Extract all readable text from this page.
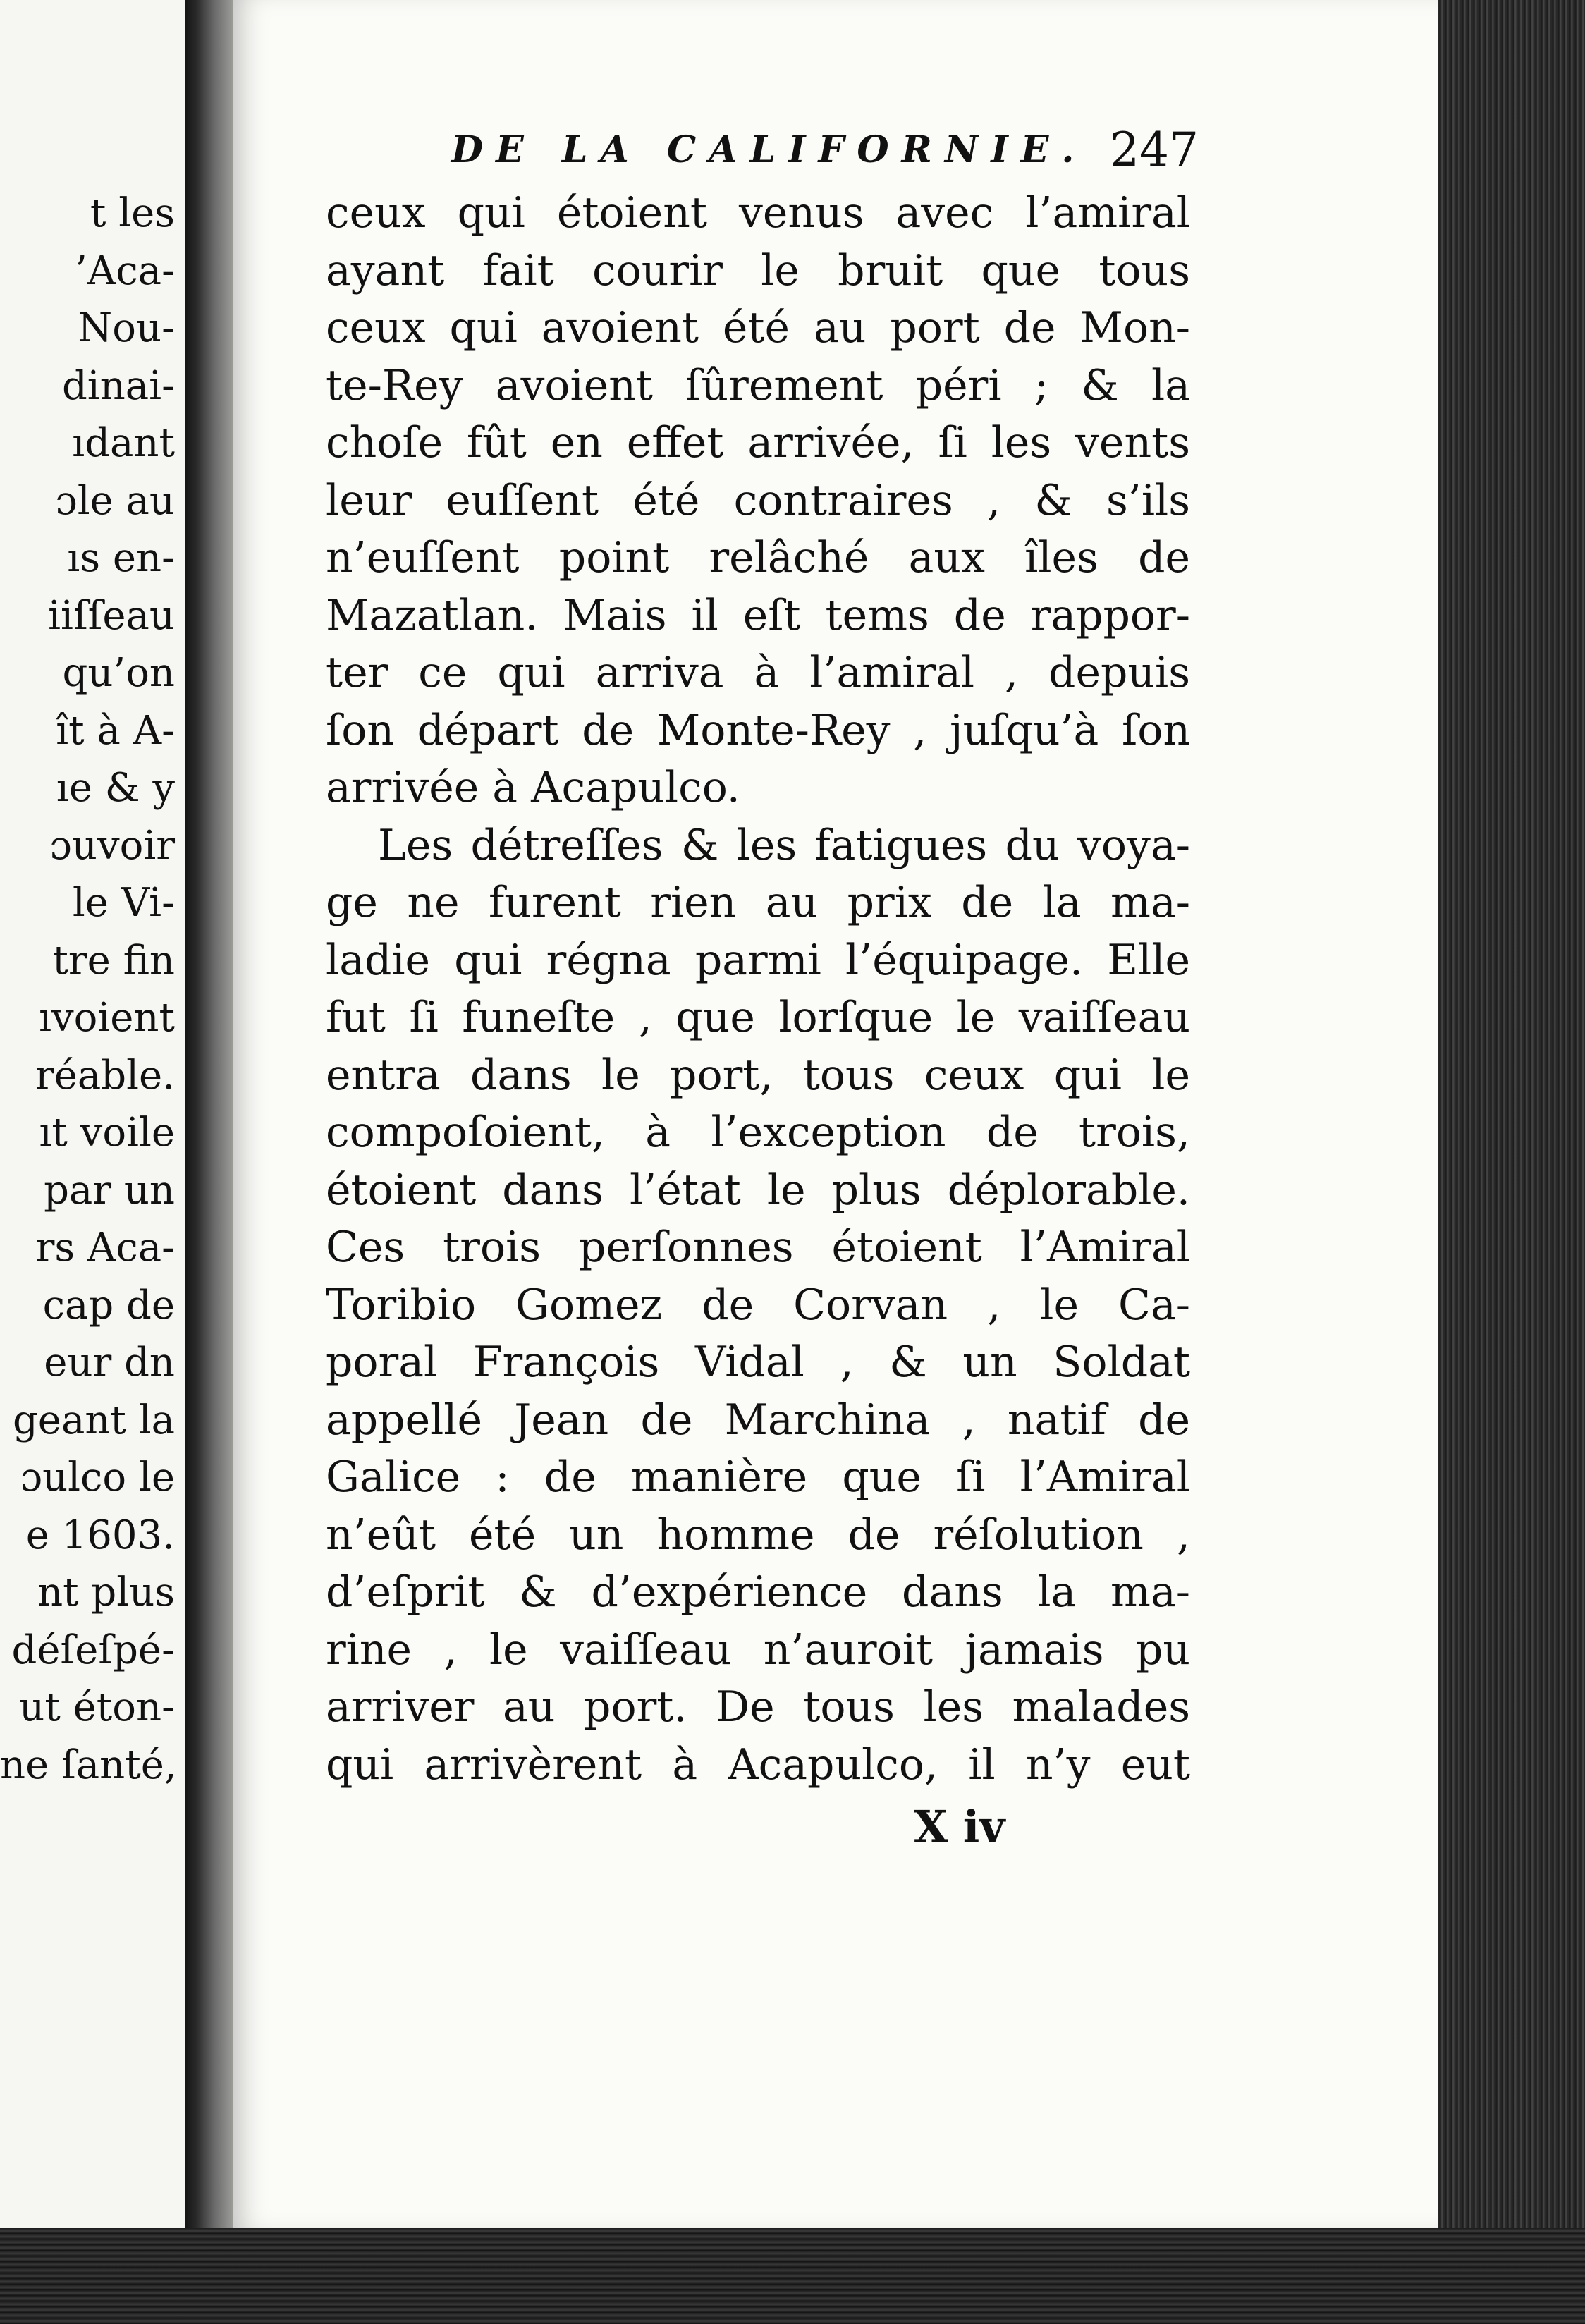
t les
’Aca-
Nou-
dinai-
ıdant
ɔle au
ıs en-
iiſſeau
qu’on
ît à A-
ıe & y
ɔuvoir
le Vi-
tre fin
ıvoient
réable.
ıt voile
par un
rs Aca-
cap de
eur dn
geant la
ɔulco le
e 1603.
nt plus
déſeſpé-
ut éton-
ne ſanté,
DE LA CALIFORNIE. 247
ceux qui étoient venus avec l’amiral
ayant fait courir le bruit que tous
ceux qui avoient été au port de Mon-
te-Rey avoient ſûrement péri ; & la
choſe fût en effet arrivée, ſi les vents
leur euſſent été contraires , & s’ils
n’euſſent point relâché aux îles de
Mazatlan. Mais il eſt tems de rappor-
ter ce qui arriva à l’amiral , depuis
ſon départ de Monte-Rey , juſqu’à ſon
arrivée à Acapulco.
Les détreſſes & les fatigues du voya-
ge ne furent rien au prix de la ma-
ladie qui régna parmi l’équipage. Elle
fut ſi funeſte , que lorſque le vaiſſeau
entra dans le port, tous ceux qui le
compoſoient, à l’exception de trois,
étoient dans l’état le plus déplorable.
Ces trois perſonnes étoient l’Amiral
Toribio Gomez de Corvan , le Ca-
poral François Vidal , & un Soldat
appellé Jean de Marchina , natif de
Galice : de manière que ſi l’Amiral
n’eût été un homme de réſolution ,
d’eſprit & d’expérience dans la ma-
rine , le vaiſſeau n’auroit jamais pu
arriver au port. De tous les malades
qui arrivèrent à Acapulco, il n’y eut
X iv
